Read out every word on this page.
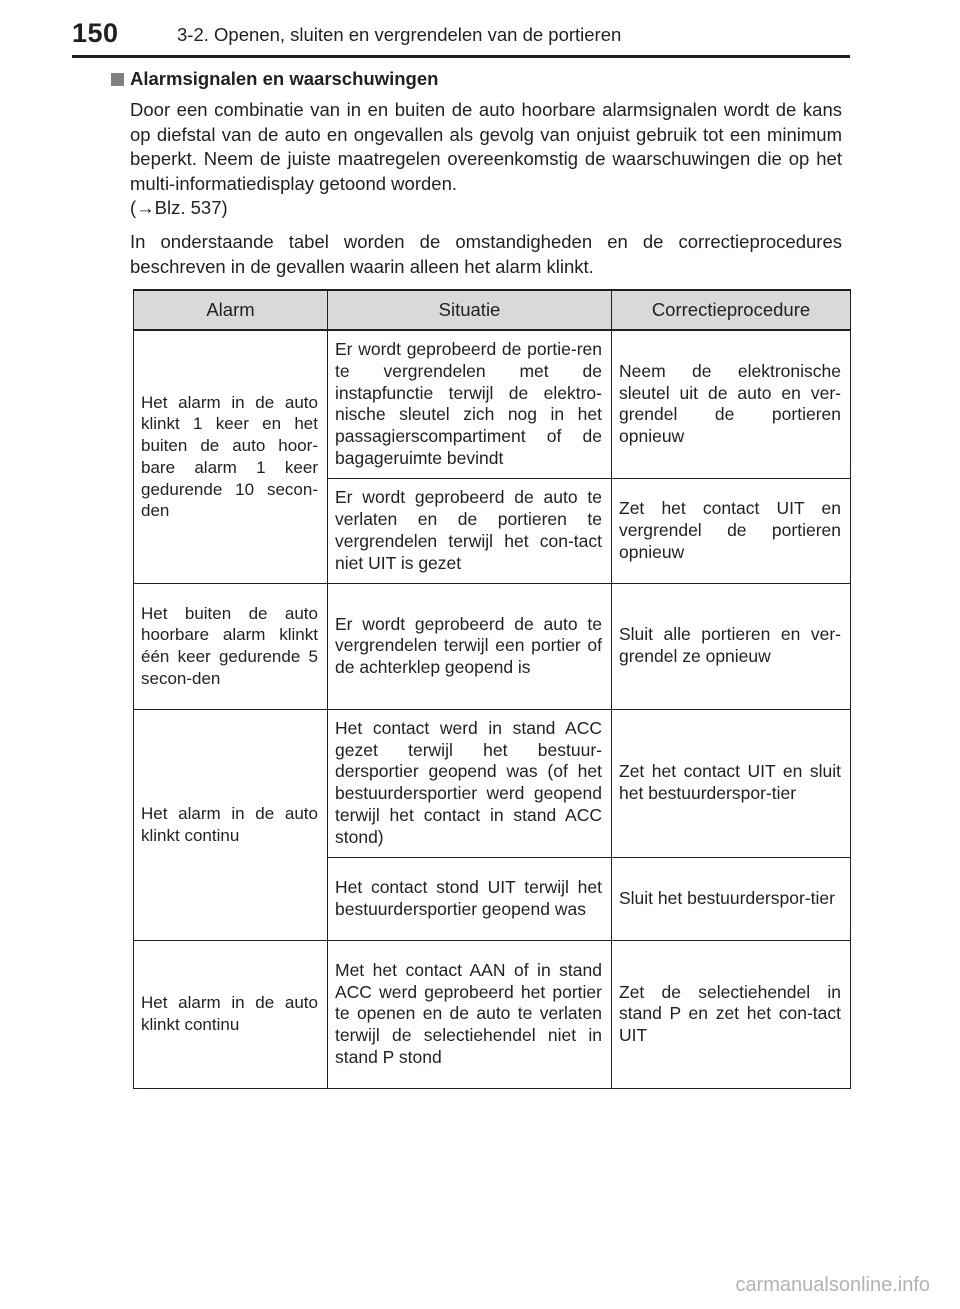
150	3-2. Openen, sluiten en vergrendelen van de portieren
Alarmsignalen en waarschuwingen

Door een combinatie van in en buiten de auto hoorbare alarmsignalen wordt de kans op diefstal van de auto en ongevallen als gevolg van onjuist gebruik tot een minimum beperkt. Neem de juiste maatregelen overeenkomstig de waarschuwingen die op het multi-informatiedisplay getoond worden.
(→Blz. 537)

In onderstaande tabel worden de omstandigheden en de correctieprocedures beschreven in de gevallen waarin alleen het alarm klinkt.

Alarm	Situatie	Correctieprocedure
Het alarm in de auto klinkt 1 keer en het buiten de auto hoor-bare alarm 1 keer gedurende 10 secon-den	Er wordt geprobeerd de portie-ren te vergrendelen met de instapfunctie terwijl de elektro-nische sleutel zich nog in het passagierscompartiment of de bagageruimte bevindt	Neem de elektronische sleutel uit de auto en ver-grendel de portieren opnieuw
	Er wordt geprobeerd de auto te verlaten en de portieren te vergrendelen terwijl het con-tact niet UIT is gezet	Zet het contact UIT en vergrendel de portieren opnieuw
Het buiten de auto hoorbare alarm klinkt één keer gedurende 5 secon-den	Er wordt geprobeerd de auto te vergrendelen terwijl een portier of de achterklep geopend is	Sluit alle portieren en ver-grendel ze opnieuw
Het alarm in de auto klinkt continu	Het contact werd in stand ACC gezet terwijl het bestuur-dersportier geopend was (of het bestuurdersportier werd geopend terwijl het contact in stand ACC stond)	Zet het contact UIT en sluit het bestuurderspor-tier
	Het contact stond UIT terwijl het bestuurdersportier geopend was	Sluit het bestuurderspor-tier
Het alarm in de auto klinkt continu	Met het contact AAN of in stand ACC werd geprobeerd het portier te openen en de auto te verlaten terwijl de selectiehendel niet in stand P stond	Zet de selectiehendel in stand P en zet het con-tact UIT
carmanualsonline.info
